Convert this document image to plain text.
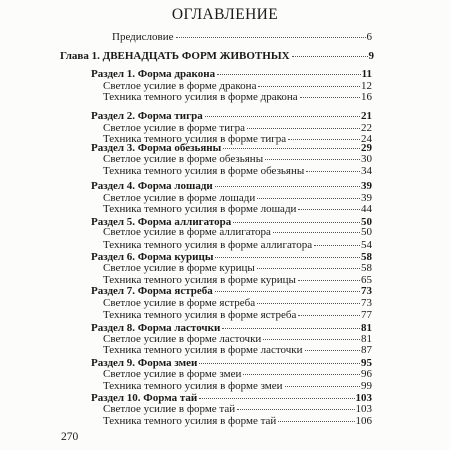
ОГЛАВЛЕНИЕ
Предисловие	6
Глава 1. ДВЕНАДЦАТЬ ФОРМ ЖИВОТНЫХ	9
Раздел 1. Форма дракона	11
Светлое усилие в форме дракона	12
Техника темного усилия в форме дракона	16
Раздел 2. Форма тигра	21
Светлое усилие в форме тигра	22
Техника темного усилия в форме тигра	24
Раздел 3. Форма обезьяны	29
Светлое усилие в форме обезьяны	30
Техника темного усилия в форме обезьяны	34
Раздел 4. Форма лошади	39
Светлое усилие в форме лошади	39
Техника темного усилия в форме лошади	44
Раздел 5. Форма аллигатора	50
Светлое усилие в форме аллигатора	50
Техника темного усилия в форме аллигатора	54
Раздел 6. Форма курицы	58
Светлое усилие в форме курицы	58
Техника темного усилия в форме курицы	65
Раздел 7. Форма ястреба	73
Светлое усилие в форме ястреба	73
Техника темного усилия в форме ястреба	77
Раздел 8. Форма ласточки	81
Светлое усилие в форме ласточки	81
Техника темного усилия в форме ласточки	87
Раздел 9. Форма змеи	95
Светлое усилие в форме змеи	96
Техника темного усилия в форме змеи	99
Раздел 10. Форма тай	103
Светлое усилие в форме тай	103
Техника темного усилия в форме тай	106
270
